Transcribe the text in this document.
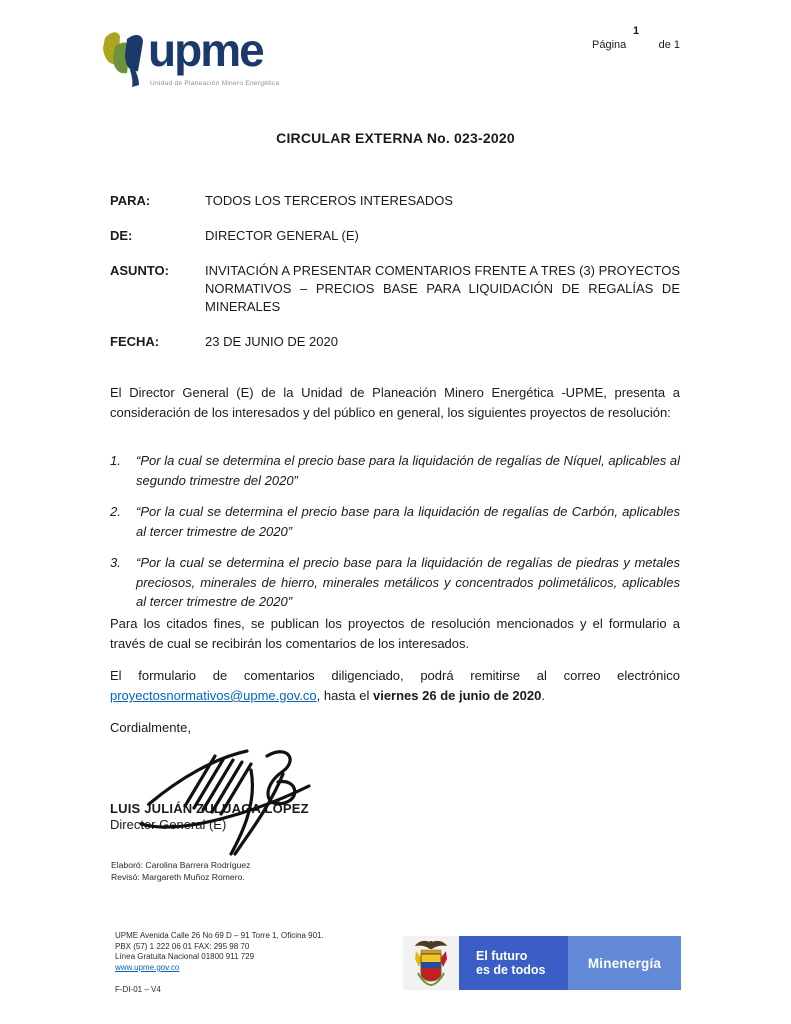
upme
Unidad de Planeación Minero Energética
1
Página	de 1
CIRCULAR EXTERNA No. 023-2020
PARA:	TODOS LOS TERCEROS INTERESADOS
DE:	DIRECTOR GENERAL (E)
ASUNTO:	INVITACIÓN A PRESENTAR COMENTARIOS FRENTE A TRES (3) PROYECTOS NORMATIVOS – PRECIOS BASE PARA LIQUIDACIÓN DE REGALÍAS DE MINERALES
FECHA:	23 DE JUNIO DE 2020
El Director General (E) de la Unidad de Planeación Minero Energética -UPME, presenta a consideración de los interesados y del público en general, los siguientes proyectos de resolución:
1.	“Por la cual se determina el precio base para la liquidación de regalías de Níquel, aplicables al segundo trimestre del 2020”
2.	“Por la cual se determina el precio base para la liquidación de regalías de Carbón, aplicables al tercer trimestre de 2020”
3.	“Por la cual se determina el precio base para la liquidación de regalías de piedras y metales preciosos, minerales de hierro, minerales metálicos y concentrados polimetálicos, aplicables al tercer trimestre de 2020”
Para los citados fines, se publican los proyectos de resolución mencionados y el formulario a través de cual se recibirán los comentarios de los interesados.
El formulario de comentarios diligenciado, podrá remitirse al correo electrónico proyectosnormativos@upme.gov.co, hasta el viernes 26 de junio de 2020.
Cordialmente,
LUIS JULIÁN ZULUAGA LÓPEZ
Director General (E)
Elaboró: Carolina Barrera Rodríguez
Revisó: Margareth Muñoz Romero.
UPME Avenida Calle 26 No 69 D – 91 Torre 1, Oficina 901.
PBX (57) 1 222 06 01 FAX: 295 98 70
Línea Gratuita Nacional 01800 911 729
www.upme.gov.co
F-DI-01 – V4
El futuro
es de todos	Minenergía
